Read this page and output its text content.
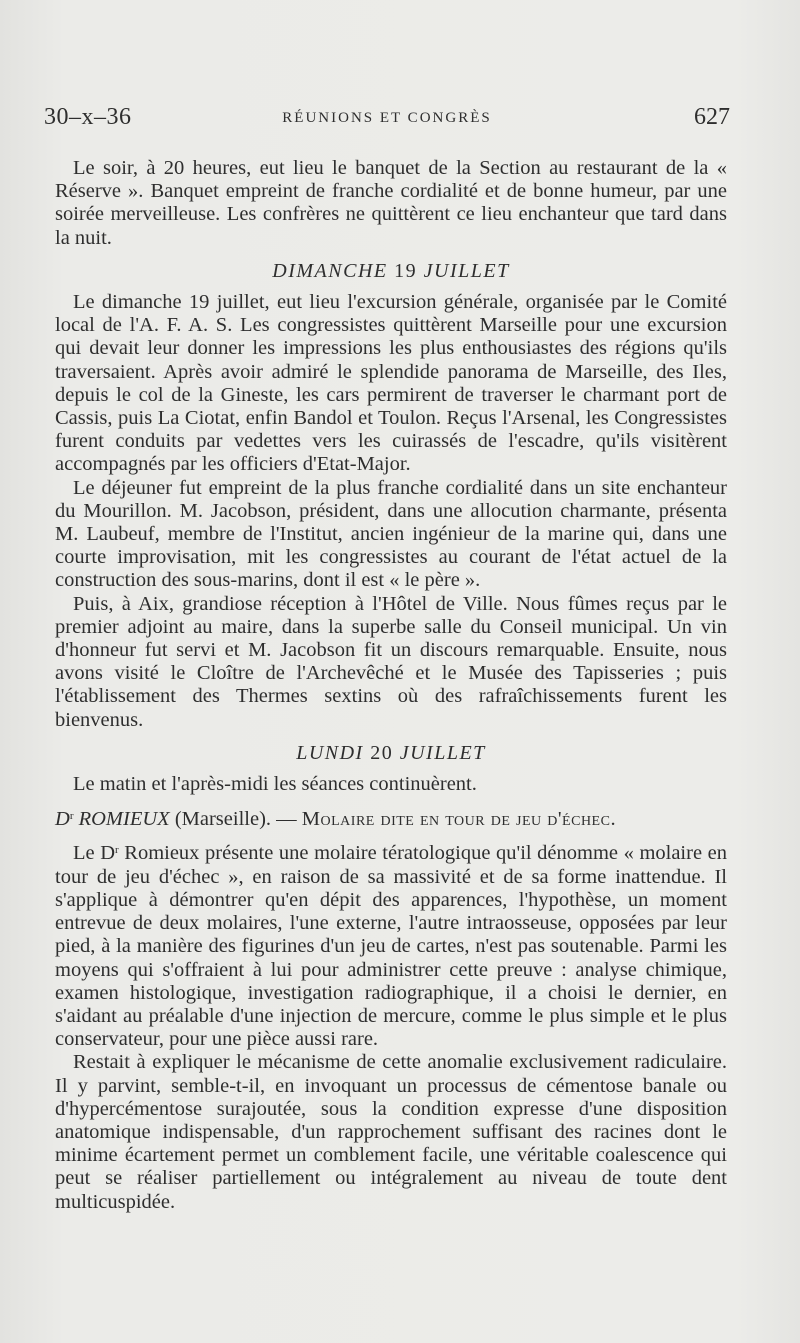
30–x–36	RÉUNIONS ET CONGRÈS	627

Le soir, à 20 heures, eut lieu le banquet de la Section au restaurant de la « Réserve ». Banquet empreint de franche cordialité et de bonne humeur, par une soirée merveilleuse. Les confrères ne quittèrent ce lieu enchanteur que tard dans la nuit.

DIMANCHE 19 JUILLET

Le dimanche 19 juillet, eut lieu l'excursion générale, organisée par le Comité local de l'A. F. A. S. Les congressistes quittèrent Marseille pour une excursion qui devait leur donner les impressions les plus enthousiastes des régions qu'ils traversaient. Après avoir admiré le splendide panorama de Marseille, des Iles, depuis le col de la Gineste, les cars permirent de traverser le charmant port de Cassis, puis La Ciotat, enfin Bandol et Toulon. Reçus l'Arsenal, les Congressistes furent conduits par vedettes vers les cuirassés de l'escadre, qu'ils visitèrent accompagnés par les officiers d'Etat-Major.

Le déjeuner fut empreint de la plus franche cordialité dans un site enchanteur du Mourillon. M. Jacobson, président, dans une allocution charmante, présenta M. Laubeuf, membre de l'Institut, ancien ingénieur de la marine qui, dans une courte improvisation, mit les congressistes au courant de l'état actuel de la construction des sous-marins, dont il est « le père ».

Puis, à Aix, grandiose réception à l'Hôtel de Ville. Nous fûmes reçus par le premier adjoint au maire, dans la superbe salle du Conseil municipal. Un vin d'honneur fut servi et M. Jacobson fit un discours remarquable. Ensuite, nous avons visité le Cloître de l'Archevêché et le Musée des Tapisseries ; puis l'établissement des Thermes sextins où des rafraîchissements furent les bienvenus.

LUNDI 20 JUILLET

Le matin et l'après-midi les séances continuèrent.

$D^r$ ROMIEUX (Marseille). — Molaire dite en tour de jeu d'échec.

Le $D^r$ Romieux présente une molaire tératologique qu'il dénomme « molaire en tour de jeu d'échec », en raison de sa massivité et de sa forme inattendue. Il s'applique à démontrer qu'en dépit des apparences, l'hypothèse, un moment entrevue de deux molaires, l'une externe, l'autre intraosseuse, opposées par leur pied, à la manière des figurines d'un jeu de cartes, n'est pas soutenable. Parmi les moyens qui s'offraient à lui pour administrer cette preuve : analyse chimique, examen histologique, investigation radiographique, il a choisi le dernier, en s'aidant au préalable d'une injection de mercure, comme le plus simple et le plus conservateur, pour une pièce aussi rare.

Restait à expliquer le mécanisme de cette anomalie exclusivement radiculaire. Il y parvint, semble-t-il, en invoquant un processus de cémentose banale ou d'hypercémentose surajoutée, sous la condition expresse d'une disposition anatomique indispensable, d'un rapprochement suffisant des racines dont le minime écartement permet un comblement facile, une véritable coalescence qui peut se réaliser partiellement ou intégralement au niveau de toute dent multicuspidée.
